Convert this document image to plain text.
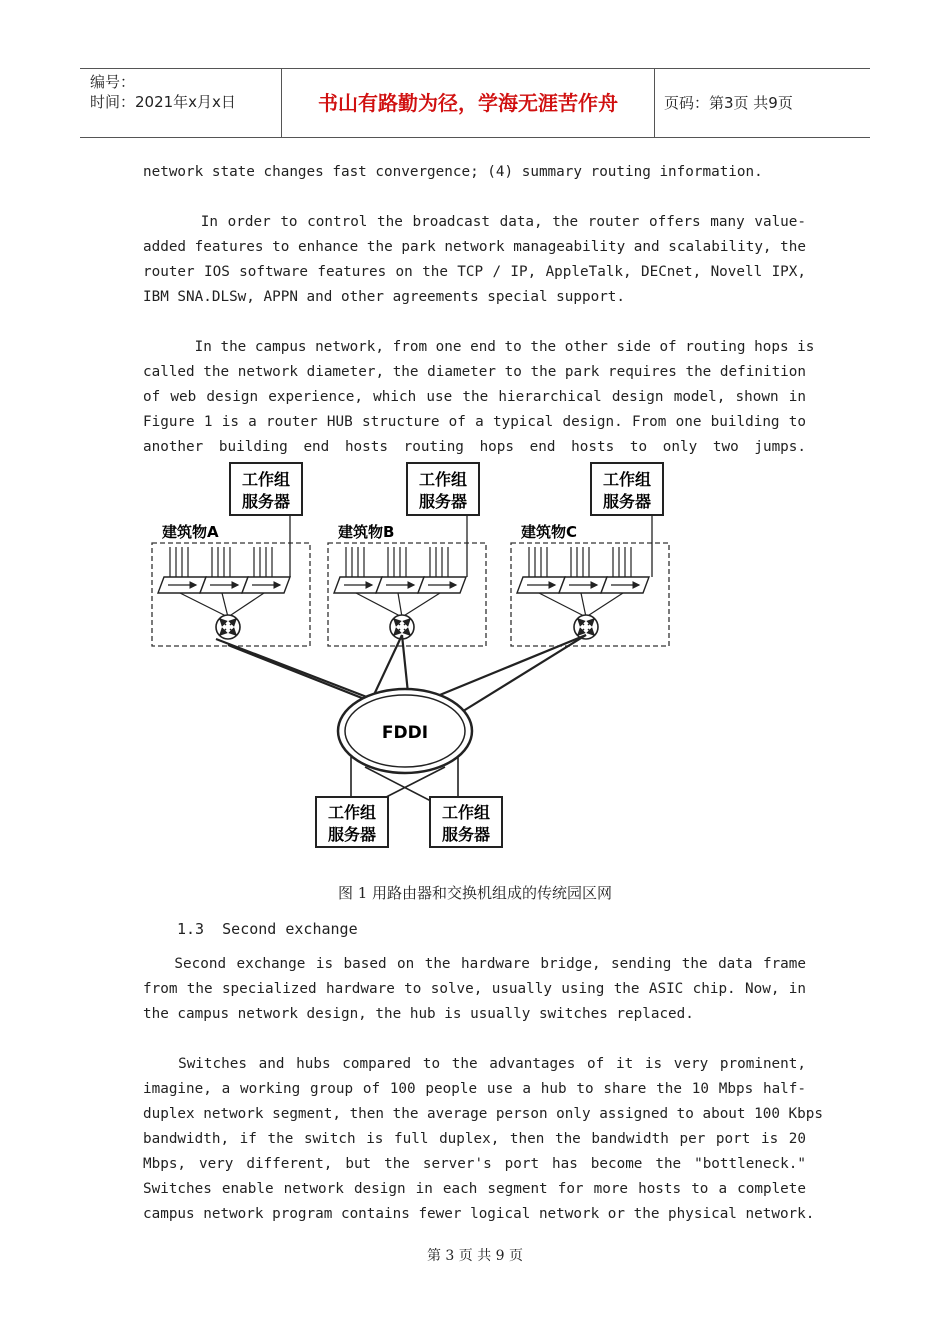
编号：
时间：2021年x月x日	书山有路勤为径，学海无涯苦作舟	页码：第3页 共9页
network state changes fast convergence; (4) summary routing information.
In order to control the broadcast data, the router offers many value-
added features to enhance the park network manageability and scalability, the
router IOS software features on the TCP / IP, AppleTalk, DECnet, Novell IPX,
IBM SNA.DLSw, APPN and other agreements special support.
In the campus network, from one end to the other side of routing hops is
called the network diameter, the diameter to the park requires the definition
of web design experience, which use the hierarchical design model, shown in
Figure 1 is a router HUB structure of a typical design. From one building to
another building end hosts routing hops end hosts to only two jumps.
建筑物A	建筑物B	建筑物C
工作组
服务器
工作组
服务器
工作组
服务器
FDDI
工作组
服务器
工作组
服务器
图 1 用路由器和交换机组成的传统园区网
1.3 Second exchange
Second exchange is based on the hardware bridge, sending the data frame
from the specialized hardware to solve, usually using the ASIC chip. Now, in
the campus network design, the hub is usually switches replaced.
Switches and hubs compared to the advantages of it is very prominent,
imagine, a working group of 100 people use a hub to share the 10 Mbps half-
duplex network segment, then the average person only assigned to about 100 Kbps
bandwidth, if the switch is full duplex, then the bandwidth per port is 20
Mbps, very different, but the server's port has become the "bottleneck."
Switches enable network design in each segment for more hosts to a complete
campus network program contains fewer logical network or the physical network.
第 3 页 共 9 页
